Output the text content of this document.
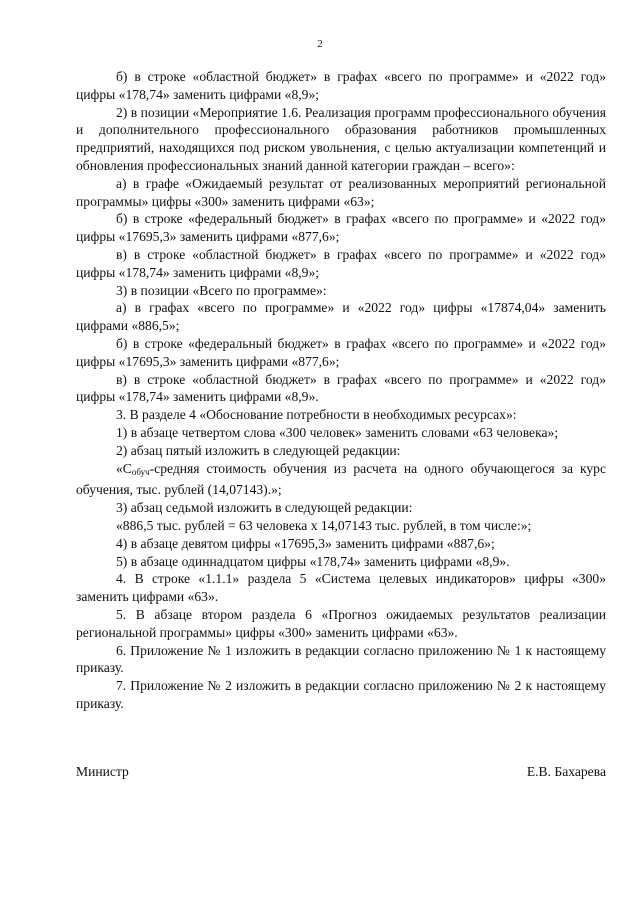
2

б) в строке «областной бюджет» в графах «всего по программе» и «2022 год» цифры «178,74» заменить цифрами «8,9»;

2) в позиции «Мероприятие 1.6. Реализация программ профессионального обучения и дополнительного профессионального образования работников промышленных предприятий, находящихся под риском увольнения, с целью актуализации компетенций и обновления профессиональных знаний данной категории граждан – всего»:

а) в графе «Ожидаемый результат от реализованных мероприятий региональной программы» цифры «300» заменить цифрами «63»;

б) в строке «федеральный бюджет» в графах «всего по программе» и «2022 год» цифры «17695,3» заменить цифрами «877,6»;

в) в строке «областной бюджет» в графах «всего по программе» и «2022 год» цифры «178,74» заменить цифрами «8,9»;

3) в позиции «Всего по программе»:

а) в графах «всего по программе» и «2022 год» цифры «17874,04» заменить цифрами «886,5»;

б) в строке «федеральный бюджет» в графах «всего по программе» и «2022 год» цифры «17695,3» заменить цифрами «877,6»;

в) в строке «областной бюджет» в графах «всего по программе» и «2022 год» цифры «178,74» заменить цифрами «8,9».

3. В разделе 4 «Обоснование потребности в необходимых ресурсах»:

1) в абзаце четвертом слова «300 человек» заменить словами «63 человека»;

2) абзац пятый изложить в следующей редакции:

«$С_{обуч}$-средняя стоимость обучения из расчета на одного обучающегося за курс обучения, тыс. рублей (14,07143).»;

3) абзац седьмой изложить в следующей редакции:

«886,5 тыс. рублей = 63 человека х 14,07143 тыс. рублей, в том числе:»;

4) в абзаце девятом цифры «17695,3» заменить цифрами «887,6»;

5) в абзаце одиннадцатом цифры «178,74» заменить цифрами «8,9».

4. В строке «1.1.1» раздела 5 «Система целевых индикаторов» цифры «300» заменить цифрами «63».

5. В абзаце втором раздела 6 «Прогноз ожидаемых результатов реализации региональной программы» цифры «300» заменить цифрами «63».

6. Приложение № 1 изложить в редакции согласно приложению № 1 к настоящему приказу.

7. Приложение № 2 изложить в редакции согласно приложению № 2 к настоящему приказу.

Министр	Е.В. Бахарева
